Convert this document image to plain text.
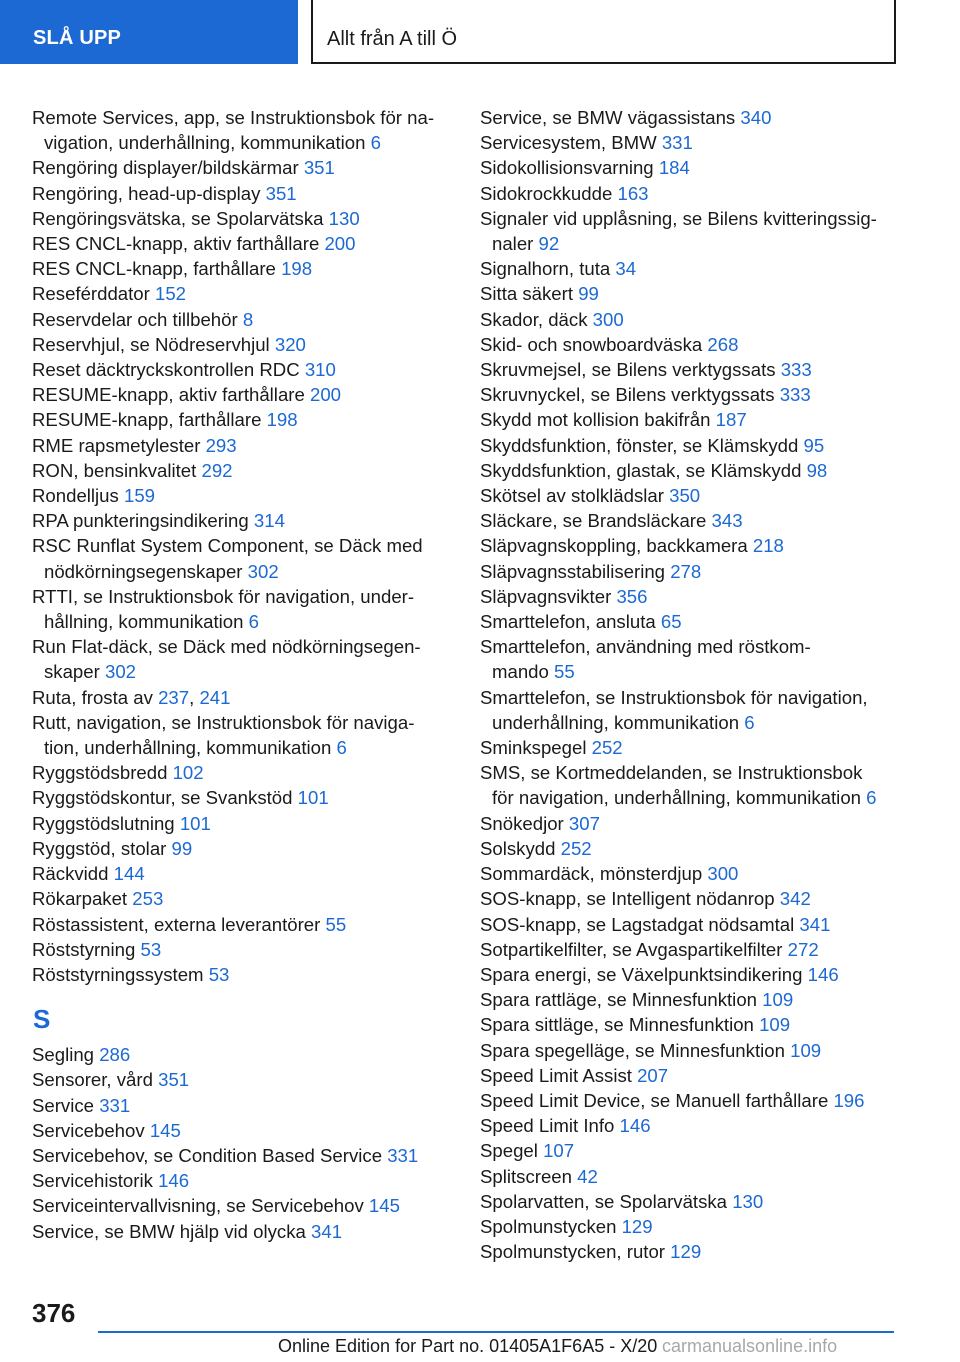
SLÅ UPP	Allt från A till Ö
Remote Services, app, se Instruktionsbok för na-
vigation, underhållning, kommunikation 6
Rengöring displayer/bildskärmar 351
Rengöring, head-up-display 351
Rengöringsvätska, se Spolarvätska 130
RES CNCL-knapp, aktiv farthållare 200
RES CNCL-knapp, farthållare 198
Reseférddator 152
Reservdelar och tillbehör 8
Reservhjul, se Nödreservhjul 320
Reset däcktryckskontrollen RDC 310
RESUME-knapp, aktiv farthållare 200
RESUME-knapp, farthållare 198
RME rapsmetylester 293
RON, bensinkvalitet 292
Rondelljus 159
RPA punkteringsindikering 314
RSC Runflat System Component, se Däck med
nödkörningsegenskaper 302
RTTI, se Instruktionsbok för navigation, under-
hållning, kommunikation 6
Run Flat-däck, se Däck med nödkörningsegen-
skaper 302
Ruta, frosta av 237, 241
Rutt, navigation, se Instruktionsbok för naviga-
tion, underhållning, kommunikation 6
Ryggstödsbredd 102
Ryggstödskontur, se Svankstöd 101
Ryggstödslutning 101
Ryggstöd, stolar 99
Räckvidd 144
Rökarpaket 253
Röstassistent, externa leverantörer 55
Röststyrning 53
Röststyrningssystem 53
S
Segling 286
Sensorer, vård 351
Service 331
Servicebehov 145
Servicebehov, se Condition Based Service 331
Servicehistorik 146
Serviceintervallvisning, se Servicebehov 145
Service, se BMW hjälp vid olycka 341
Service, se BMW vägassistans 340
Servicesystem, BMW 331
Sidokollisionsvarning 184
Sidokrockkudde 163
Signaler vid upplåsning, se Bilens kvitteringssig-
naler 92
Signalhorn, tuta 34
Sitta säkert 99
Skador, däck 300
Skid- och snowboardväska 268
Skruvmejsel, se Bilens verktygssats 333
Skruvnyckel, se Bilens verktygssats 333
Skydd mot kollision bakifrån 187
Skyddsfunktion, fönster, se Klämskydd 95
Skyddsfunktion, glastak, se Klämskydd 98
Skötsel av stolklädslar 350
Släckare, se Brandsläckare 343
Släpvagnskoppling, backkamera 218
Släpvagnsstabilisering 278
Släpvagnsvikter 356
Smarttelefon, ansluta 65
Smarttelefon, användning med röstkom-
mando 55
Smarttelefon, se Instruktionsbok för navigation,
underhållning, kommunikation 6
Sminkspegel 252
SMS, se Kortmeddelanden, se Instruktionsbok
för navigation, underhållning, kommunikation 6
Snökedjor 307
Solskydd 252
Sommardäck, mönsterdjup 300
SOS-knapp, se Intelligent nödanrop 342
SOS-knapp, se Lagstadgat nödsamtal 341
Sotpartikelfilter, se Avgaspartikelfilter 272
Spara energi, se Växelpunktsindikering 146
Spara rattläge, se Minnesfunktion 109
Spara sittläge, se Minnesfunktion 109
Spara spegelläge, se Minnesfunktion 109
Speed Limit Assist 207
Speed Limit Device, se Manuell farthållare 196
Speed Limit Info 146
Spegel 107
Splitscreen 42
Spolarvatten, se Spolarvätska 130
Spolmunstycken 129
Spolmunstycken, rutor 129
376
Online Edition for Part no. 01405A1F6A5 - X/20 carmanualsonline.info
